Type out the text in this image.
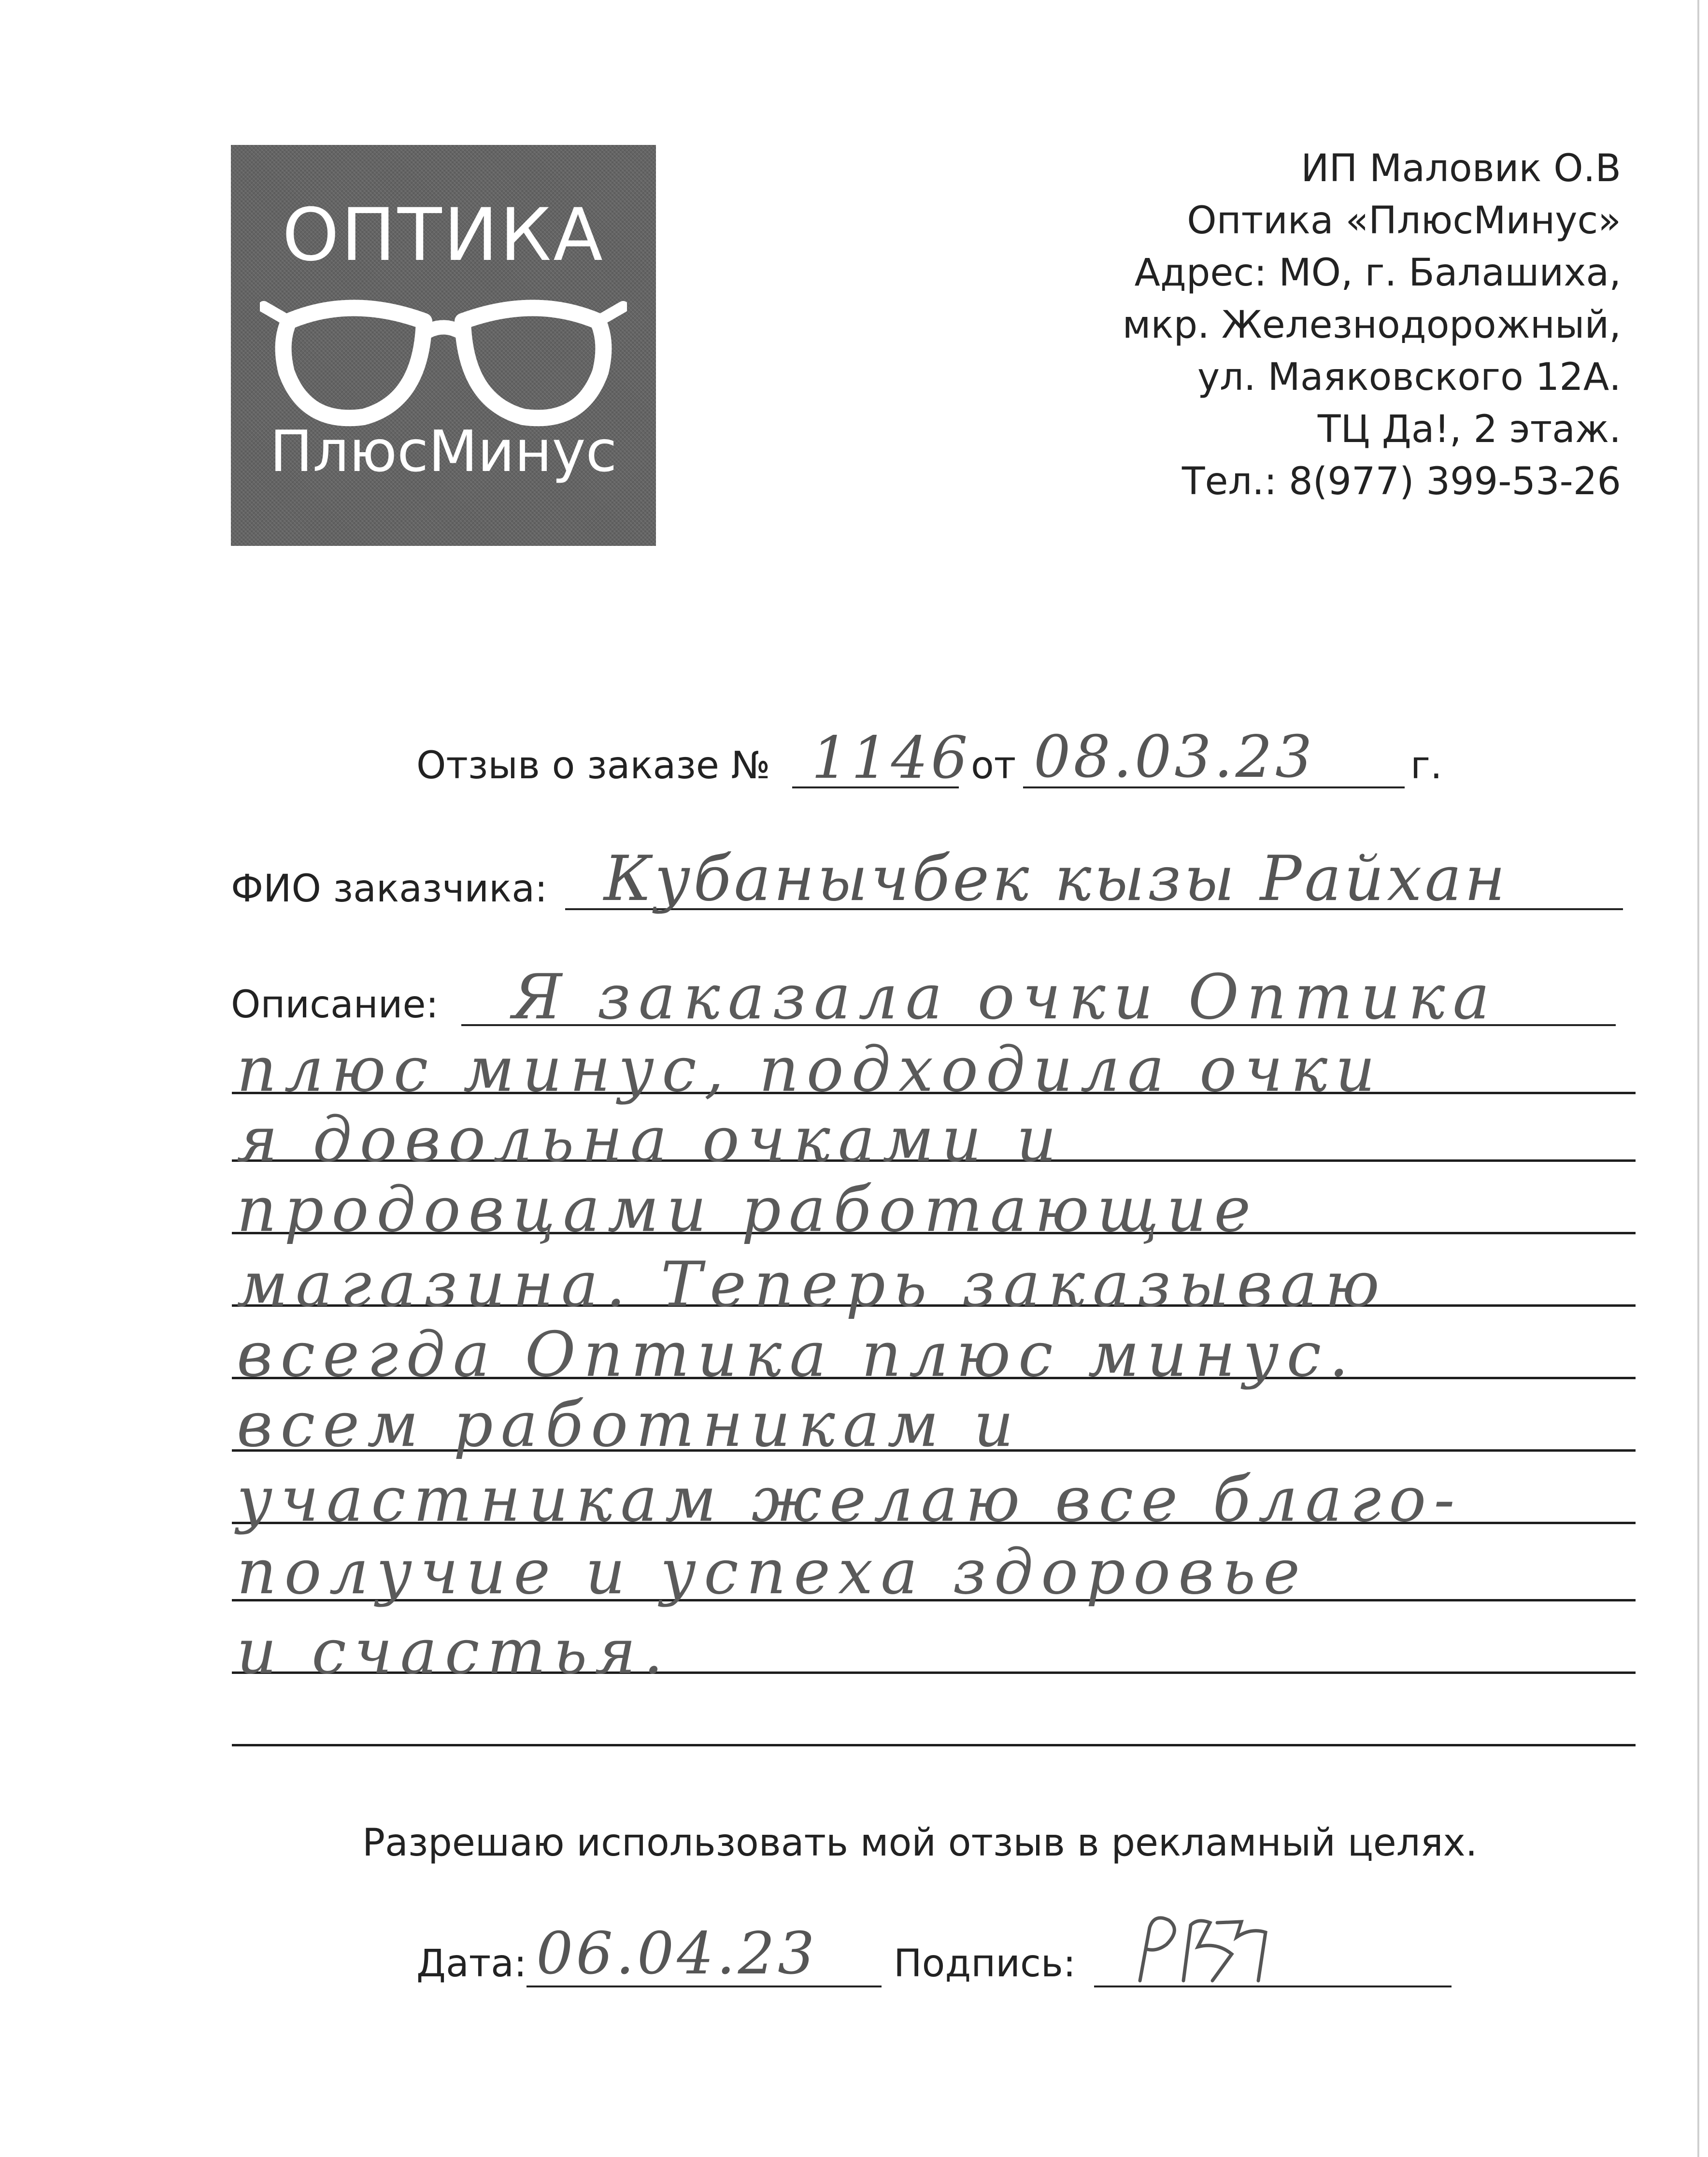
ОПТИКА
ПлюсМинус
ИП Маловик О.В
Оптика «ПлюсМинус»
Адрес: МО, г. Балашиха,
мкр. Железнодорожный,
ул. Маяковского 12А.
ТЦ Да!, 2 этаж.
Тел.: 8(977) 399-53-26
Отзыв о заказе № 1146 от 08.03.23	г.
ФИО заказчика: Кубанычбек кызы Райхан
Описание: Я заказала очки Оптика
плюс минус, подходила очки
я довольна очками и
продовцами работающие
магазина. Теперь заказываю
всегда Оптика плюс минус.
всем работникам и
участникам желаю все благо-
получие и успеха здоровье
и счастья.
Разрешаю использовать мой отзыв в рекламный целях.
Дата: 06.04.23 Подпись:
